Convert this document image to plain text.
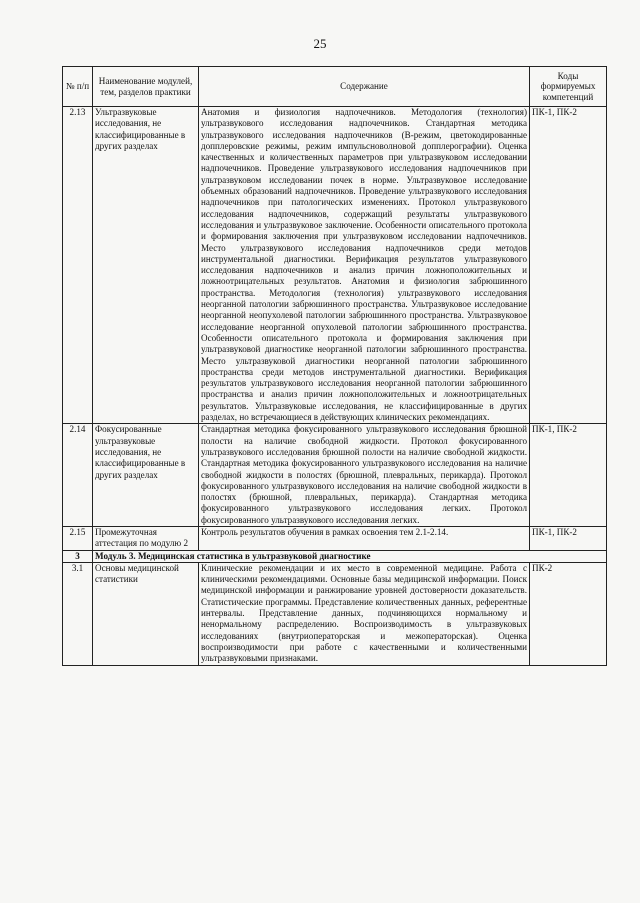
25
№ п/п	Наименование модулей, тем, разделов практики	Содержание	Коды формируемых компетенций
2.13	Ультразвуковые исследования, не классифицированные в других разделах	Анатомия и физиология надпочечников. Методология (технология) ультразвукового исследования надпочечников. Стандартная методика ультразвукового исследования надпочечников (В-режим, цветокодированные допплеровские режимы, режим импульсноволновой допплерографии). Оценка качественных и количественных параметров при ультразвуковом исследовании надпочечников. Проведение ультразвукового исследования надпочечников при ультразвуковом исследовании почек в норме. Ультразвуковое исследование объемных образований надпочечников. Проведение ультразвукового исследования надпочечников при патологических изменениях. Протокол ультразвукового исследования надпочечников, содержащий результаты ультразвукового исследования и ультразвуковое заключение. Особенности описательного протокола и формирования заключения при ультразвуковом исследовании надпочечников. Место ультразвукового исследования надпочечников среди методов инструментальной диагностики. Верификация результатов ультразвукового исследования надпочечников и анализ причин ложноположительных и ложноотрицательных результатов. Анатомия и физиология забрюшинного пространства. Методология (технология) ультразвукового исследования неорганной патологии забрюшинного пространства. Ультразвуковое исследование неорганной неопухолевой патологии забрюшинного пространства. Ультразвуковое исследование неорганной опухолевой патологии забрюшинного пространства. Особенности описательного протокола и формирования заключения при ультразвуковой диагностике неорганной патологии забрюшинного пространства. Место ультразвуковой диагностики неорганной патологии забрюшинного пространства среди методов инструментальной диагностики. Верификация результатов ультразвукового исследования неорганной патологии забрюшинного пространства и анализ причин ложноположительных и ложноотрицательных результатов. Ультразвуковые исследования, не классифицированные в других разделах, но встречающиеся в действующих клинических рекомендациях.	ПК-1, ПК-2
2.14	Фокусированные ультразвуковые исследования, не классифицированные в других разделах	Стандартная методика фокусированного ультразвукового исследования брюшной полости на наличие свободной жидкости. Протокол фокусированного ультразвукового исследования брюшной полости на наличие свободной жидкости. Стандартная методика фокусированного ультразвукового исследования на наличие свободной жидкости в полостях (брюшной, плевральных, перикарда). Протокол фокусированного ультразвукового исследования на наличие свободной жидкости в полостях (брюшной, плевральных, перикарда). Стандартная методика фокусированного ультразвукового исследования легких. Протокол фокусированного ультразвукового исследования легких.	ПК-1, ПК-2
2.15	Промежуточная аттестация по модулю 2	Контроль результатов обучения в рамках освоения тем 2.1-2.14.	ПК-1, ПК-2
3	Модуль 3. Медицинская статистика в ультразвуковой диагностике		
3.1	Основы медицинской статистики	Клинические рекомендации и их место в современной медицине. Работа с клиническими рекомендациями. Основные базы медицинской информации. Поиск медицинской информации и ранжирование уровней достоверности доказательств. Статистические программы. Представление количественных данных, референтные интервалы. Представление данных, подчиняющихся нормальному и ненормальному распределению. Воспроизводимость в ультразвуковых исследованиях (внутриоператорская и межоператорская). Оценка воспроизводимости при работе с качественными и количественными ультразвуковыми признаками.	ПК-2
